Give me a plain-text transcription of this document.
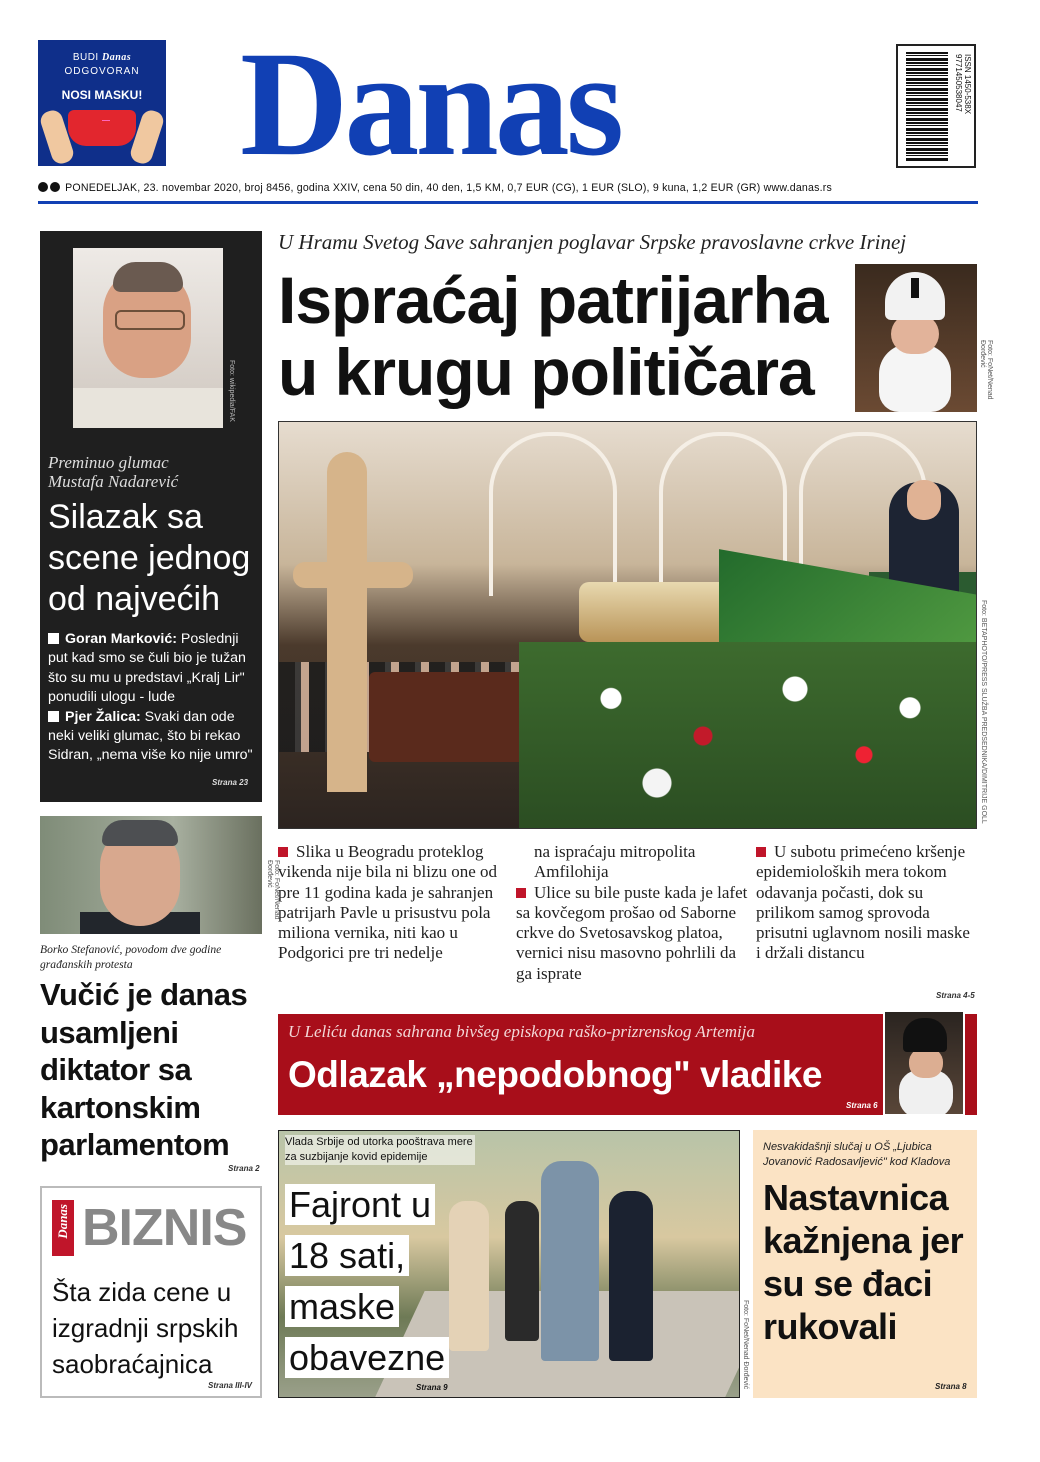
BUDI Danas
ODGOVORAN
NOSI MASKU! Danas	ISSN 1450-538X 9771450538047
PONEDELJAK, 23. novembar 2020, broj 8456, godina XXIV, cena 50 din, 40 den, 1,5 KM, 0,7 EUR (CG), 1 EUR (SLO), 9 kuna, 1,2 EUR (GR) www.danas.rs
Foto: wikipedia/FAK
Preminuo glumac
Mustafa Nadarević
Silazak sa scene jednog od najvećih
Goran Marković: Poslednji put kad smo se čuli bio je tužan što su mu u predstavi „Kralj Lir" ponudili ulogu - lude
Pjer Žalica: Svaki dan ode neki veliki glumac, što bi rekao Sidran, „nema više ko nije umro"
Strana 23
Foto: FoNet/Nenad Đorđević
Borko Stefanović, povodom dve godine građanskih protesta
Vučić je danas usamljeni diktator sa kartonskim parlamentom
Strana 2
Danas BIZNIS
Šta zida cene u izgradnji srpskih saobraćajnica
Strana III-IV
U Hramu Svetog Save sahranjen poglavar Srpske pravoslavne crkve Irinej
Ispraćaj patrijarha
u krugu političara	Foto: FoNet/Nenad Đorđević
Foto: BETAPHOTO/PRESS SLUŽBA PREDSEDNIKA/DIMITRIJE GOLL
Slika u Beogradu proteklog vikenda nije bila ni blizu one od pre 11 godina kada je sahranjen patrijarh Pavle u prisustvu pola miliona vernika, niti kao u Podgorici pre tri nedelje
na ispraćaju mitropolita Amfilohija
Ulice su bile puste kada je lafet sa kovčegom prošao od Saborne crkve do Svetosavskog platoa, vernici nisu masovno pohrlili da ga isprate
U subotu primećeno kršenje epidemioloških mera tokom odavanja počasti, dok su prilikom samog sprovoda prisutni uglavnom nosili maske i držali distancu
Strana 4-5
U Leliću danas sahrana bivšeg episkopa raško-prizrenskog Artemija
Odlazak „nepodobnog" vladike
Strana 6
Vlada Srbije od utorka pooštrava mere za suzbijanje kovid epidemije
Fajront u
18 sati,
maske
obavezne
Strana 9	Foto: FoNet/Nenad Đorđević
Nesvakidašnji slučaj u OŠ „Ljubica Jovanović Radosavljević" kod Kladova
Nastavnica kažnjena jer su se đaci rukovali
Strana 8
